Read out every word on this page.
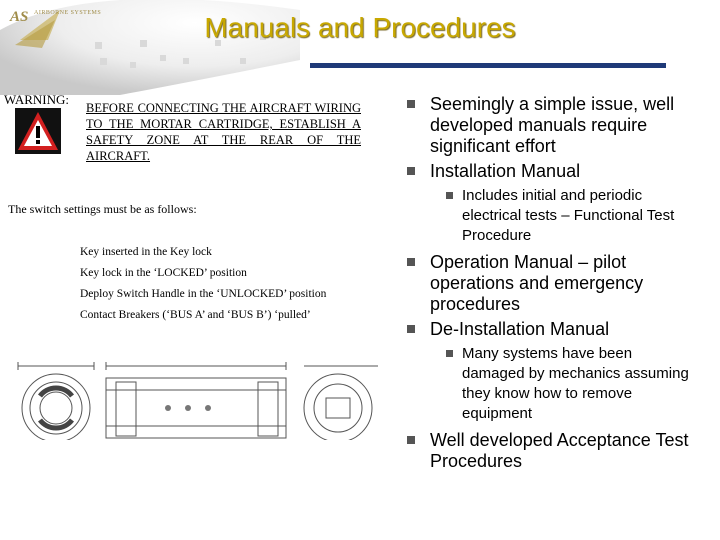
AS AIRBORNE SYSTEMS	Manuals and Procedures
WARNING:
BEFORE CONNECTING THE AIRCRAFT WIRING TO THE MORTAR CARTRIDGE, ESTABLISH A SAFETY ZONE AT THE REAR OF THE AIRCRAFT.
The switch settings must be as follows:
Key inserted in the Key lock
Key lock in the ‘LOCKED’ position
Deploy Switch Handle in the ‘UNLOCKED’ position
Contact Breakers (‘BUS A’ and ‘BUS B’) ‘pulled’
Seemingly a simple issue, well developed manuals require significant effort
Installation Manual
Includes initial and periodic electrical tests – Functional Test Procedure
Operation Manual – pilot operations and emergency procedures
De-Installation Manual
Many systems have been damaged by mechanics assuming they know how to remove equipment
Well developed Acceptance Test Procedures
